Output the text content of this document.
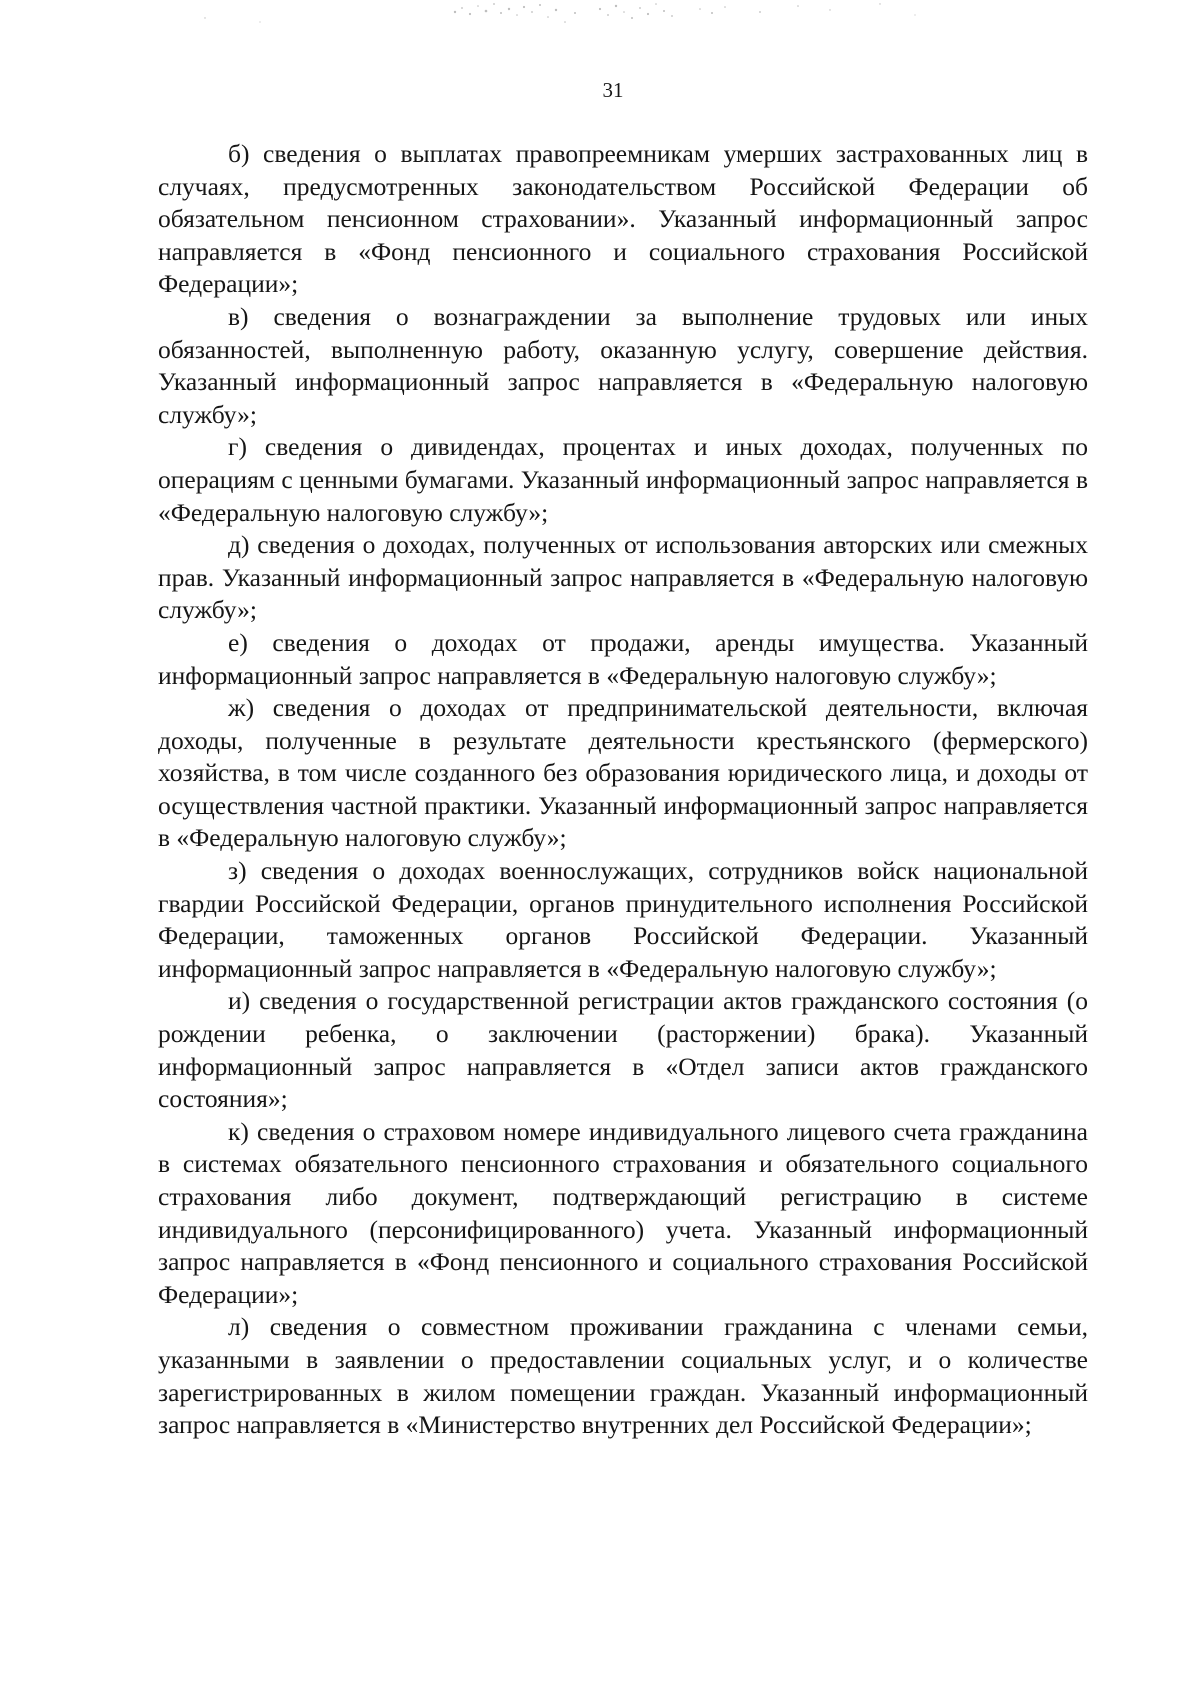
31

б) сведения о выплатах правопреемникам умерших застрахованных лиц в случаях, предусмотренных законодательством Российской Федерации об обязательном пенсионном страховании». Указанный информационный запрос направляется в «Фонд пенсионного и социального страхования Российской Федерации»;

в) сведения о вознаграждении за выполнение трудовых или иных обязанностей, выполненную работу, оказанную услугу, совершение действия. Указанный информационный запрос направляется в «Федеральную налоговую службу»;

г) сведения о дивидендах, процентах и иных доходах, полученных по операциям с ценными бумагами. Указанный информационный запрос направляется в «Федеральную налоговую службу»;

д) сведения о доходах, полученных от использования авторских или смежных прав. Указанный информационный запрос направляется в «Федеральную налоговую службу»;

е) сведения о доходах от продажи, аренды имущества. Указанный информационный запрос направляется в «Федеральную налоговую службу»;

ж) сведения о доходах от предпринимательской деятельности, включая доходы, полученные в результате деятельности крестьянского (фермерского) хозяйства, в том числе созданного без образования юридического лица, и доходы от осуществления частной практики. Указанный информационный запрос направляется в «Федеральную налоговую службу»;

з) сведения о доходах военнослужащих, сотрудников войск национальной гвардии Российской Федерации, органов принудительного исполнения Российской Федерации, таможенных органов Российской Федерации. Указанный информационный запрос направляется в «Федеральную налоговую службу»;

и) сведения о государственной регистрации актов гражданского состояния (о рождении ребенка, о заключении (расторжении) брака). Указанный информационный запрос направляется в «Отдел записи актов гражданского состояния»;

к) сведения о страховом номере индивидуального лицевого счета гражданина в системах обязательного пенсионного страхования и обязательного социального страхования либо документ, подтверждающий регистрацию в системе индивидуального (персонифицированного) учета. Указанный информационный запрос направляется в «Фонд пенсионного и социального страхования Российской Федерации»;

л) сведения о совместном проживании гражданина с членами семьи, указанными в заявлении о предоставлении социальных услуг, и о количестве зарегистрированных в жилом помещении граждан. Указанный информационный запрос направляется в «Министерство внутренних дел Российской Федерации»;
